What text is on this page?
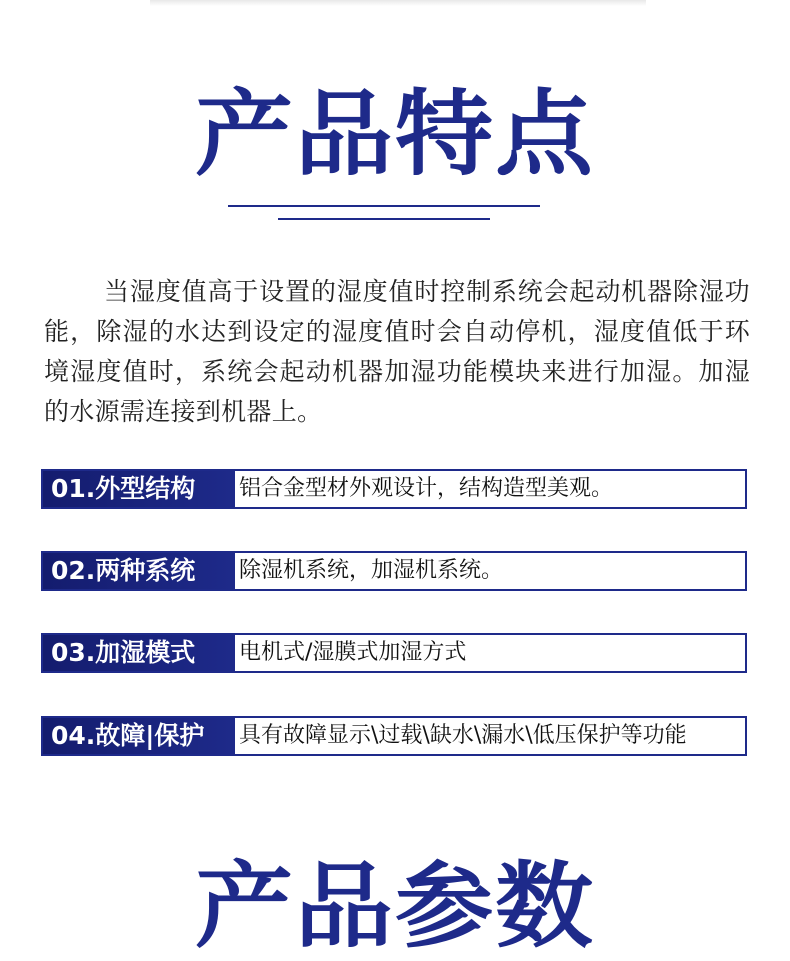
产品特点

当湿度值高于设置的湿度值时控制系统会起动机器除湿功能，除湿的水达到设定的湿度值时会自动停机，湿度值低于环境湿度值时，系统会起动机器加湿功能模块来进行加湿。加湿的水源需连接到机器上。

01.外型结构	铝合金型材外观设计，结构造型美观。
02.两种系统	除湿机系统，加湿机系统。
03.加湿模式	电机式/湿膜式加湿方式
04.故障|保护	具有故障显示\过载\缺水\漏水\低压保护等功能
产品参数
